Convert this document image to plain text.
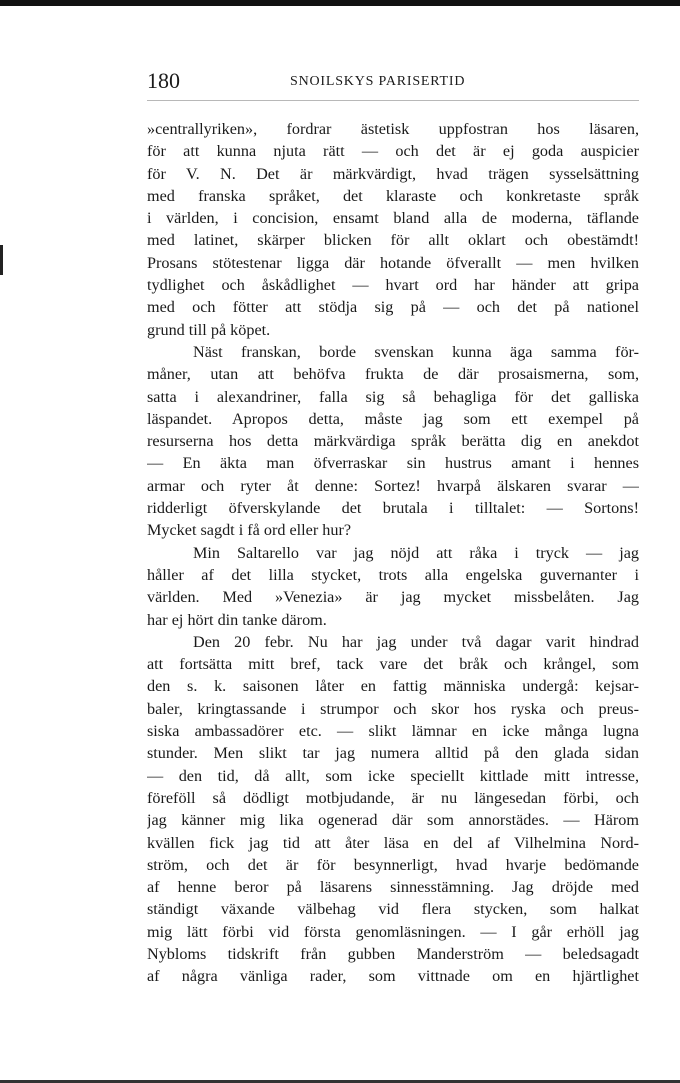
180	SNOILSKYS PARISERTID
»centrallyriken», fordrar ästetisk uppfostran hos läsaren,
för att kunna njuta rätt — och det är ej goda auspicier
för V. N. Det är märkvärdigt, hvad trägen sysselsättning
med franska språket, det klaraste och konkretaste språk
i världen, i concision, ensamt bland alla de moderna, täflande
med latinet, skärper blicken för allt oklart och obestämdt!
Prosans stötestenar ligga där hotande öfverallt — men hvilken
tydlighet och åskådlighet — hvart ord har händer att gripa
med och fötter att stödja sig på — och det på nationel
grund till på köpet.
Näst franskan, borde svenskan kunna äga samma för-
måner, utan att behöfva frukta de där prosaismerna, som,
satta i alexandriner, falla sig så behagliga för det galliska
läspandet. Apropos detta, måste jag som ett exempel på
resurserna hos detta märkvärdiga språk berätta dig en anekdot
— En äkta man öfverraskar sin hustrus amant i hennes
armar och ryter åt denne: Sortez! hvarpå älskaren svarar —
ridderligt öfverskylande det brutala i tilltalet: — Sortons!
Mycket sagdt i få ord eller hur?
Min Saltarello var jag nöjd att råka i tryck — jag
håller af det lilla stycket, trots alla engelska guvernanter i
världen. Med »Venezia» är jag mycket missbelåten. Jag
har ej hört din tanke därom.
Den 20 febr. Nu har jag under två dagar varit hindrad
att fortsätta mitt bref, tack vare det bråk och krångel, som
den s. k. saisonen låter en fattig människa undergå: kejsar-
baler, kringtassande i strumpor och skor hos ryska och preus-
siska ambassadörer etc. — slikt lämnar en icke många lugna
stunder. Men slikt tar jag numera alltid på den glada sidan
— den tid, då allt, som icke speciellt kittlade mitt intresse,
föreföll så dödligt motbjudande, är nu längesedan förbi, och
jag känner mig lika ogenerad där som annorstädes. — Härom
kvällen fick jag tid att åter läsa en del af Vilhelmina Nord-
ström, och det är för besynnerligt, hvad hvarje bedömande
af henne beror på läsarens sinnesstämning. Jag dröjde med
ständigt växande välbehag vid flera stycken, som halkat
mig lätt förbi vid första genomläsningen. — I går erhöll jag
Nybloms tidskrift från gubben Manderström — beledsagadt
af några vänliga rader, som vittnade om en hjärtlighet
